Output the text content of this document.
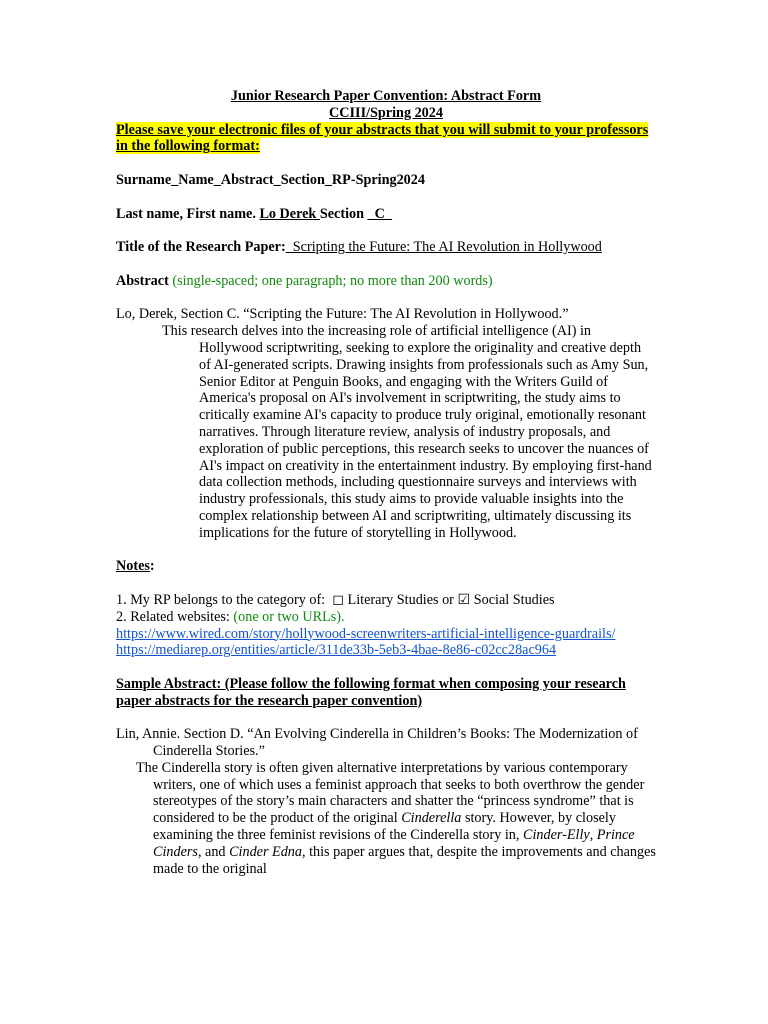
Junior Research Paper Convention: Abstract Form

CCIII/Spring 2024

Please save your electronic files of your abstracts that you will submit to your professors in the following format:

Surname_Name_Abstract_Section_RP-Spring2024

Last name, First name. Lo Derek Section _C_

Title of the Research Paper:  Scripting the Future: The AI Revolution in Hollywood

Abstract (single-spaced; one paragraph; no more than 200 words)

Lo, Derek, Section C. “Scripting the Future: The AI Revolution in Hollywood.”

This research delves into the increasing role of artificial intelligence (AI) in Hollywood scriptwriting, seeking to explore the originality and creative depth of AI-generated scripts. Drawing insights from professionals such as Amy Sun, Senior Editor at Penguin Books, and engaging with the Writers Guild of America's proposal on AI's involvement in scriptwriting, the study aims to critically examine AI's capacity to produce truly original, emotionally resonant narratives. Through literature review, analysis of industry proposals, and exploration of public perceptions, this research seeks to uncover the nuances of AI's impact on creativity in the entertainment industry. By employing first-hand data collection methods, including questionnaire surveys and interviews with industry professionals, this study aims to provide valuable insights into the complex relationship between AI and scriptwriting, ultimately discussing its implications for the future of storytelling in Hollywood.

Notes:

1. My RP belongs to the category of: ◻ Literary Studies or ☑ Social Studies

2. Related websites: (one or two URLs).

https://www.wired.com/story/hollywood-screenwriters-artificial-intelligence-guardrails/

https://mediarep.org/entities/article/311de33b-5eb3-4bae-8e86-c02cc28ac964

Sample Abstract: (Please follow the following format when composing your research paper abstracts for the research paper convention)

Lin, Annie. Section D. “An Evolving Cinderella in Children’s Books: The Modernization of Cinderella Stories.”

The Cinderella story is often given alternative interpretations by various contemporary writers, one of which uses a feminist approach that seeks to both overthrow the gender stereotypes of the story’s main characters and shatter the “princess syndrome” that is considered to be the product of the original Cinderella story. However, by closely examining the three feminist revisions of the Cinderella story in, Cinder-Elly, Prince Cinders, and Cinder Edna, this paper argues that, despite the improvements and changes made to the original
